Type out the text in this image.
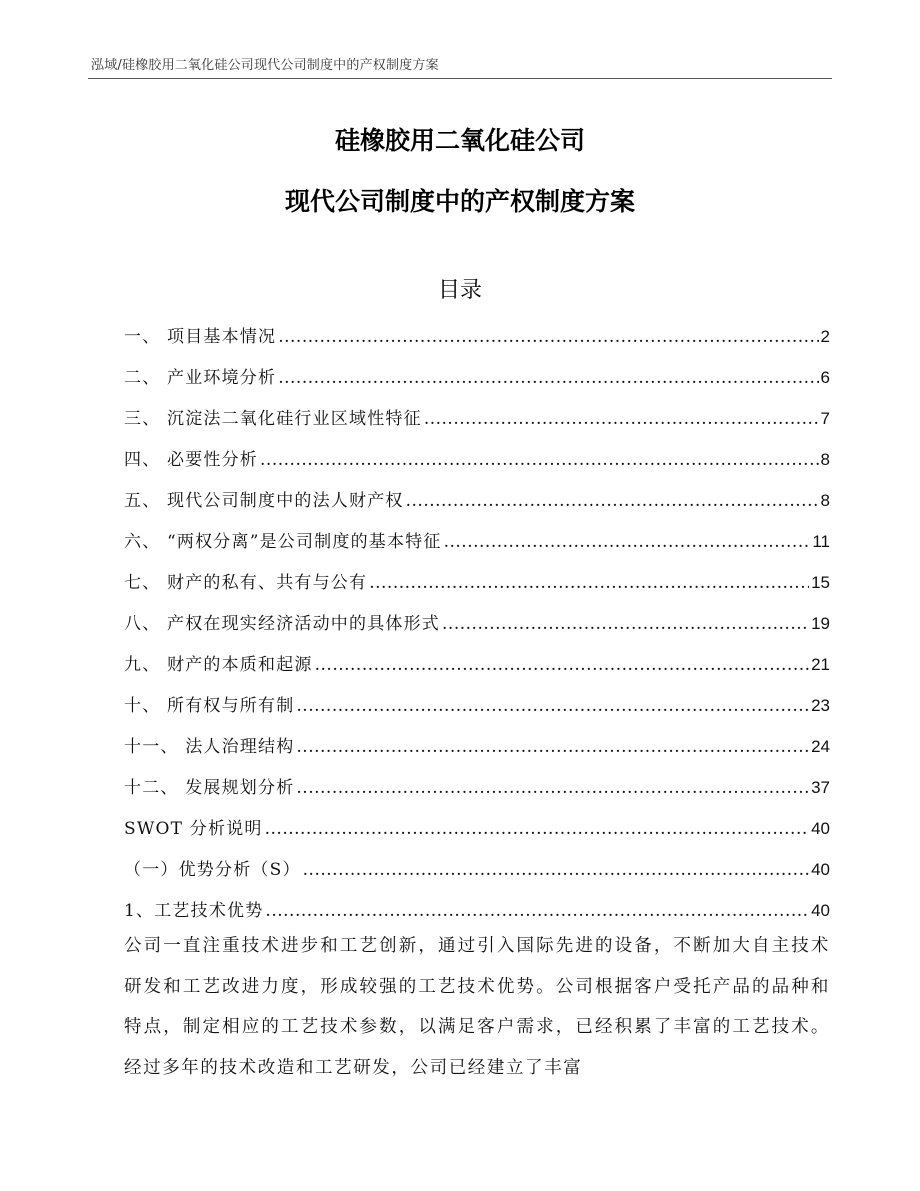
泓域/硅橡胶用二氧化硅公司现代公司制度中的产权制度方案
硅橡胶用二氧化硅公司
现代公司制度中的产权制度方案
目录
一、 项目基本情况 .....	2
二、 产业环境分析 .....	6
三、 沉淀法二氧化硅行业区域性特征 .....	7
四、 必要性分析 .....	8
五、 现代公司制度中的法人财产权 .....	8
六、 “两权分离”是公司制度的基本特征 .....	11
七、 财产的私有、共有与公有 .....	15
八、 产权在现实经济活动中的具体形式 .....	19
九、 财产的本质和起源 .....	21
十、 所有权与所有制 .....	23
十一、 法人治理结构 .....	24
十二、 发展规划分析 .....	37
SWOT 分析说明 .....	40
（一）优势分析（S） .....	40
1、工艺技术优势 .....	40

公司一直注重技术进步和工艺创新，通过引入国际先进的设备，不断加大自主技术研发和工艺改进力度，形成较强的工艺技术优势。公司根据客户受托产品的品种和特点，制定相应的工艺技术参数，以满足客户需求，已经积累了丰富的工艺技术。经过多年的技术改造和工艺研发，公司已经建立了丰富
